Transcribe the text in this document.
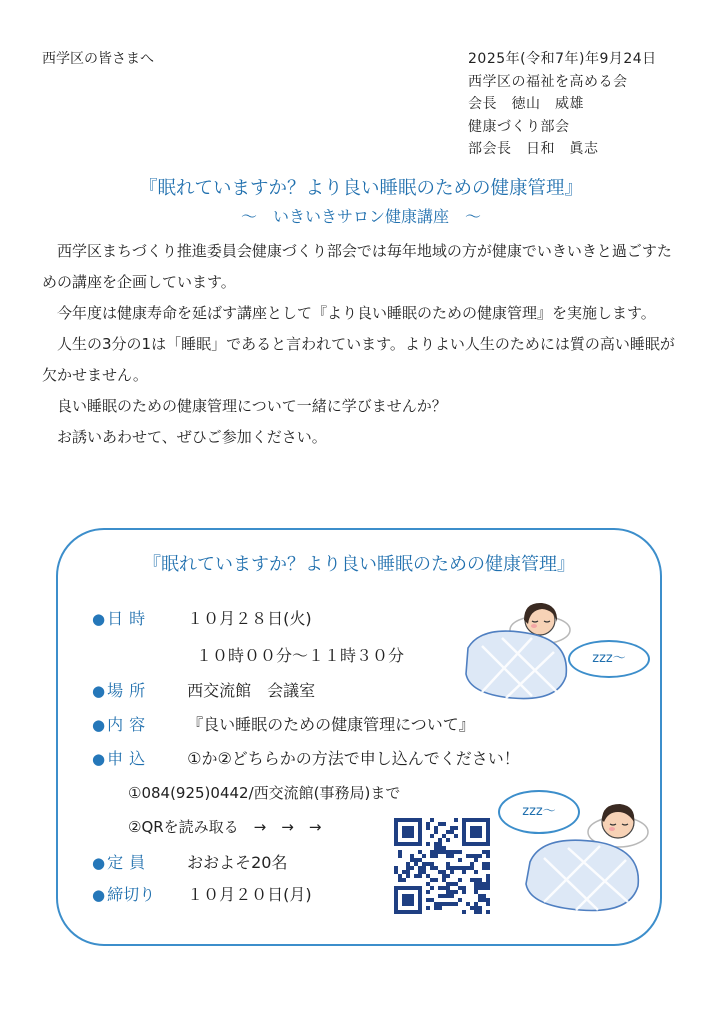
西学区の皆さまへ	2025年(令和7年)年9月24日
西学区の福祉を高める会
会長　徳山　威雄
健康づくり部会
部会長　日和　眞志
『眠れていますか？より良い睡眠のための健康管理』
～　いきいきサロン健康講座　～

西学区まちづくり推進委員会健康づくり部会では毎年地域の方が健康でいきいきと過ごすための講座を企画しています。

今年度は健康寿命を延ばす講座として『より良い睡眠のための健康管理』を実施します。

人生の3分の1は「睡眠」であると言われています。よりよい人生のためには質の高い睡眠が欠かせません。

良い睡眠のための健康管理について一緒に学びませんか？

お誘いあわせて、ぜひご参加ください。

『眠れていますか？より良い睡眠のための健康管理』
● 日時 １０月２８日(火)
１０時００分～１１時３０分
● 場所 西交流館　会議室
● 内容 『良い睡眠のための健康管理について』
● 申込 ①か②どちらかの方法で申し込んでください！
①084(925)0442/西交流館(事務局)まで
②QRを読み取る　→　→　→
● 定員 おおよそ20名
● 締切り １０月２０日(月)
zzz～
zzz～
